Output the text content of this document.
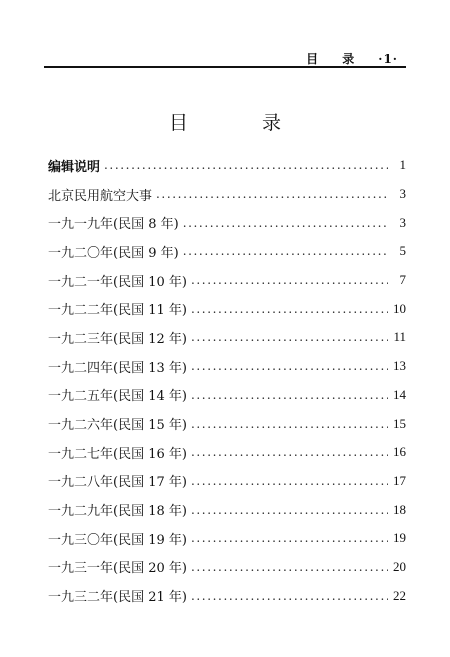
目 录 ·1·
目 录
编辑说明 .....	1
北京民用航空大事 .....	3
一九一九年(民国 8 年) .....	3
一九二〇年(民国 9 年) .....	5
一九二一年(民国 10 年) .....	7
一九二二年(民国 11 年) .....	10
一九二三年(民国 12 年) .....	11
一九二四年(民国 13 年) .....	13
一九二五年(民国 14 年) .....	14
一九二六年(民国 15 年) .....	15
一九二七年(民国 16 年) .....	16
一九二八年(民国 17 年) .....	17
一九二九年(民国 18 年) .....	18
一九三〇年(民国 19 年) .....	19
一九三一年(民国 20 年) .....	20
一九三二年(民国 21 年) .....	22
